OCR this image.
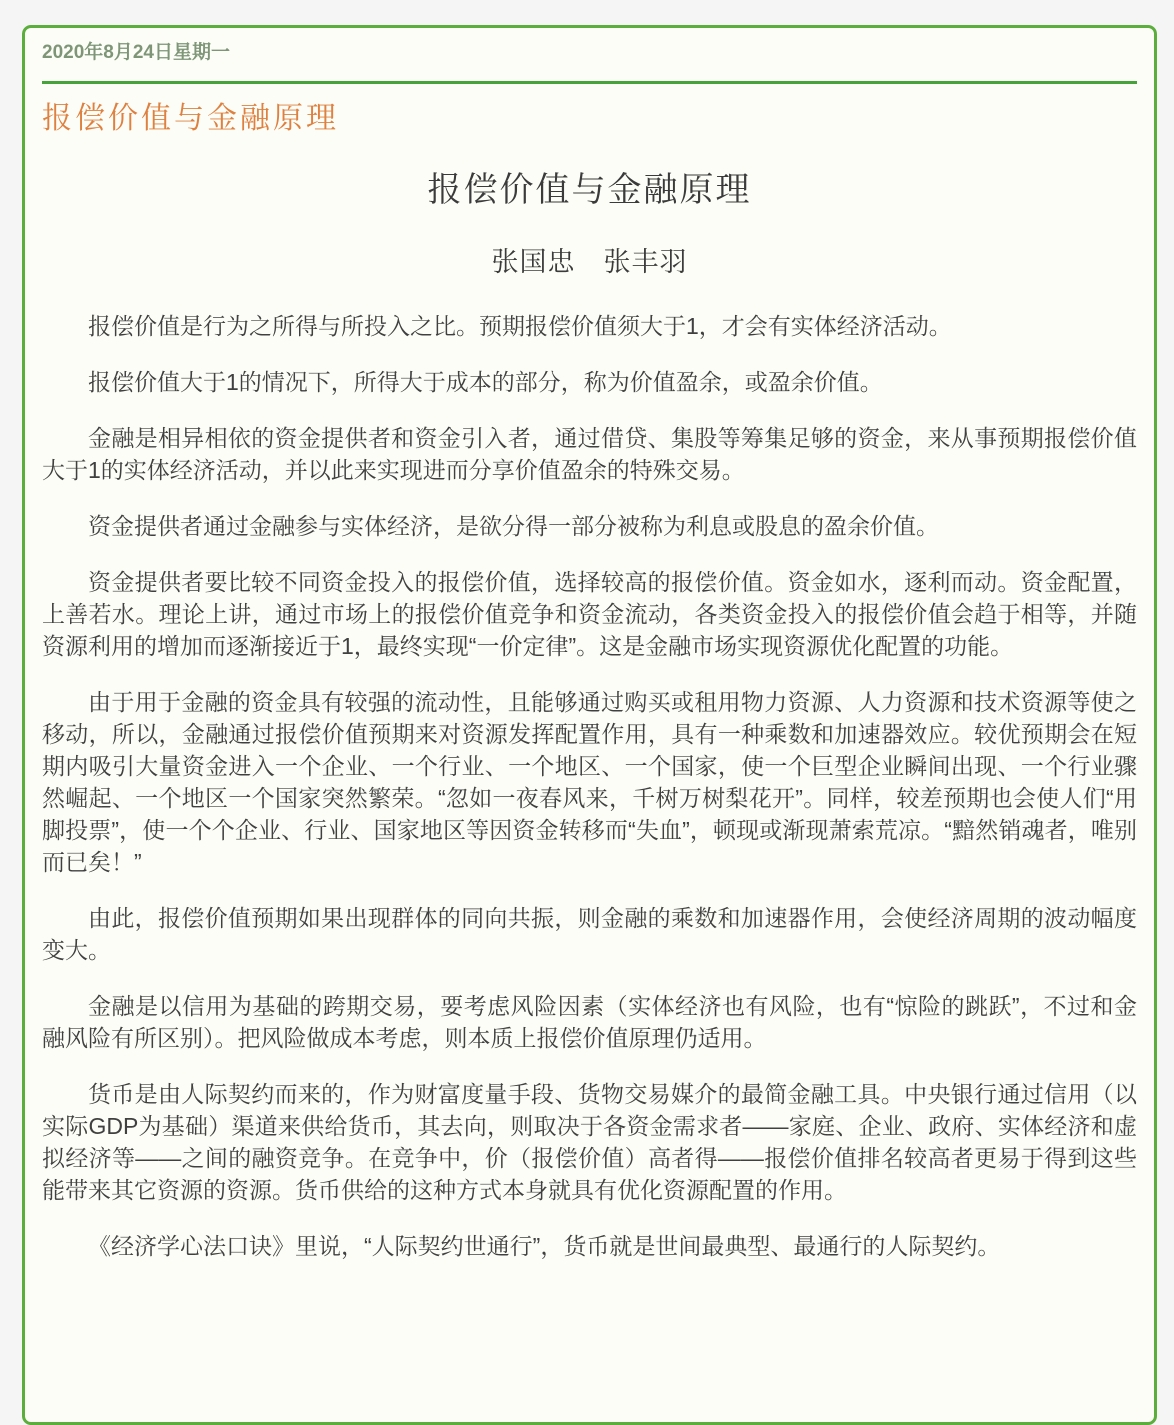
2020年8月24日星期一
报偿价值与金融原理
报偿价值与金融原理
张国忠　张丰羽

报偿价值是行为之所得与所投入之比。预期报偿价值须大于1，才会有实体经济活动。

报偿价值大于1的情况下，所得大于成本的部分，称为价值盈余，或盈余价值。

金融是相异相依的资金提供者和资金引入者，通过借贷、集股等筹集足够的资金，来从事预期报偿价值大于1的实体经济活动，并以此来实现进而分享价值盈余的特殊交易。

资金提供者通过金融参与实体经济，是欲分得一部分被称为利息或股息的盈余价值。

资金提供者要比较不同资金投入的报偿价值，选择较高的报偿价值。资金如水，逐利而动。资金配置，上善若水。理论上讲，通过市场上的报偿价值竞争和资金流动，各类资金投入的报偿价值会趋于相等，并随资源利用的增加而逐渐接近于1，最终实现“一价定律”。这是金融市场实现资源优化配置的功能。

由于用于金融的资金具有较强的流动性，且能够通过购买或租用物力资源、人力资源和技术资源等使之移动，所以，金融通过报偿价值预期来对资源发挥配置作用，具有一种乘数和加速器效应。较优预期会在短期内吸引大量资金进入一个企业、一个行业、一个地区、一个国家，使一个巨型企业瞬间出现、一个行业骤然崛起、一个地区一个国家突然繁荣。“忽如一夜春风来，千树万树梨花开”。同样，较差预期也会使人们“用脚投票”，使一个个企业、行业、国家地区等因资金转移而“失血”，顿现或渐现萧索荒凉。“黯然销魂者，唯别而已矣！”

由此，报偿价值预期如果出现群体的同向共振，则金融的乘数和加速器作用，会使经济周期的波动幅度变大。

金融是以信用为基础的跨期交易，要考虑风险因素（实体经济也有风险，也有“惊险的跳跃”，不过和金融风险有所区别）。把风险做成本考虑，则本质上报偿价值原理仍适用。

货币是由人际契约而来的，作为财富度量手段、货物交易媒介的最简金融工具。中央银行通过信用（以实际GDP为基础）渠道来供给货币，其去向，则取决于各资金需求者——家庭、企业、政府、实体经济和虚拟经济等——之间的融资竞争。在竞争中，价（报偿价值）高者得——报偿价值排名较高者更易于得到这些能带来其它资源的资源。货币供给的这种方式本身就具有优化资源配置的作用。

《经济学心法口诀》里说，“人际契约世通行”，货币就是世间最典型、最通行的人际契约。
